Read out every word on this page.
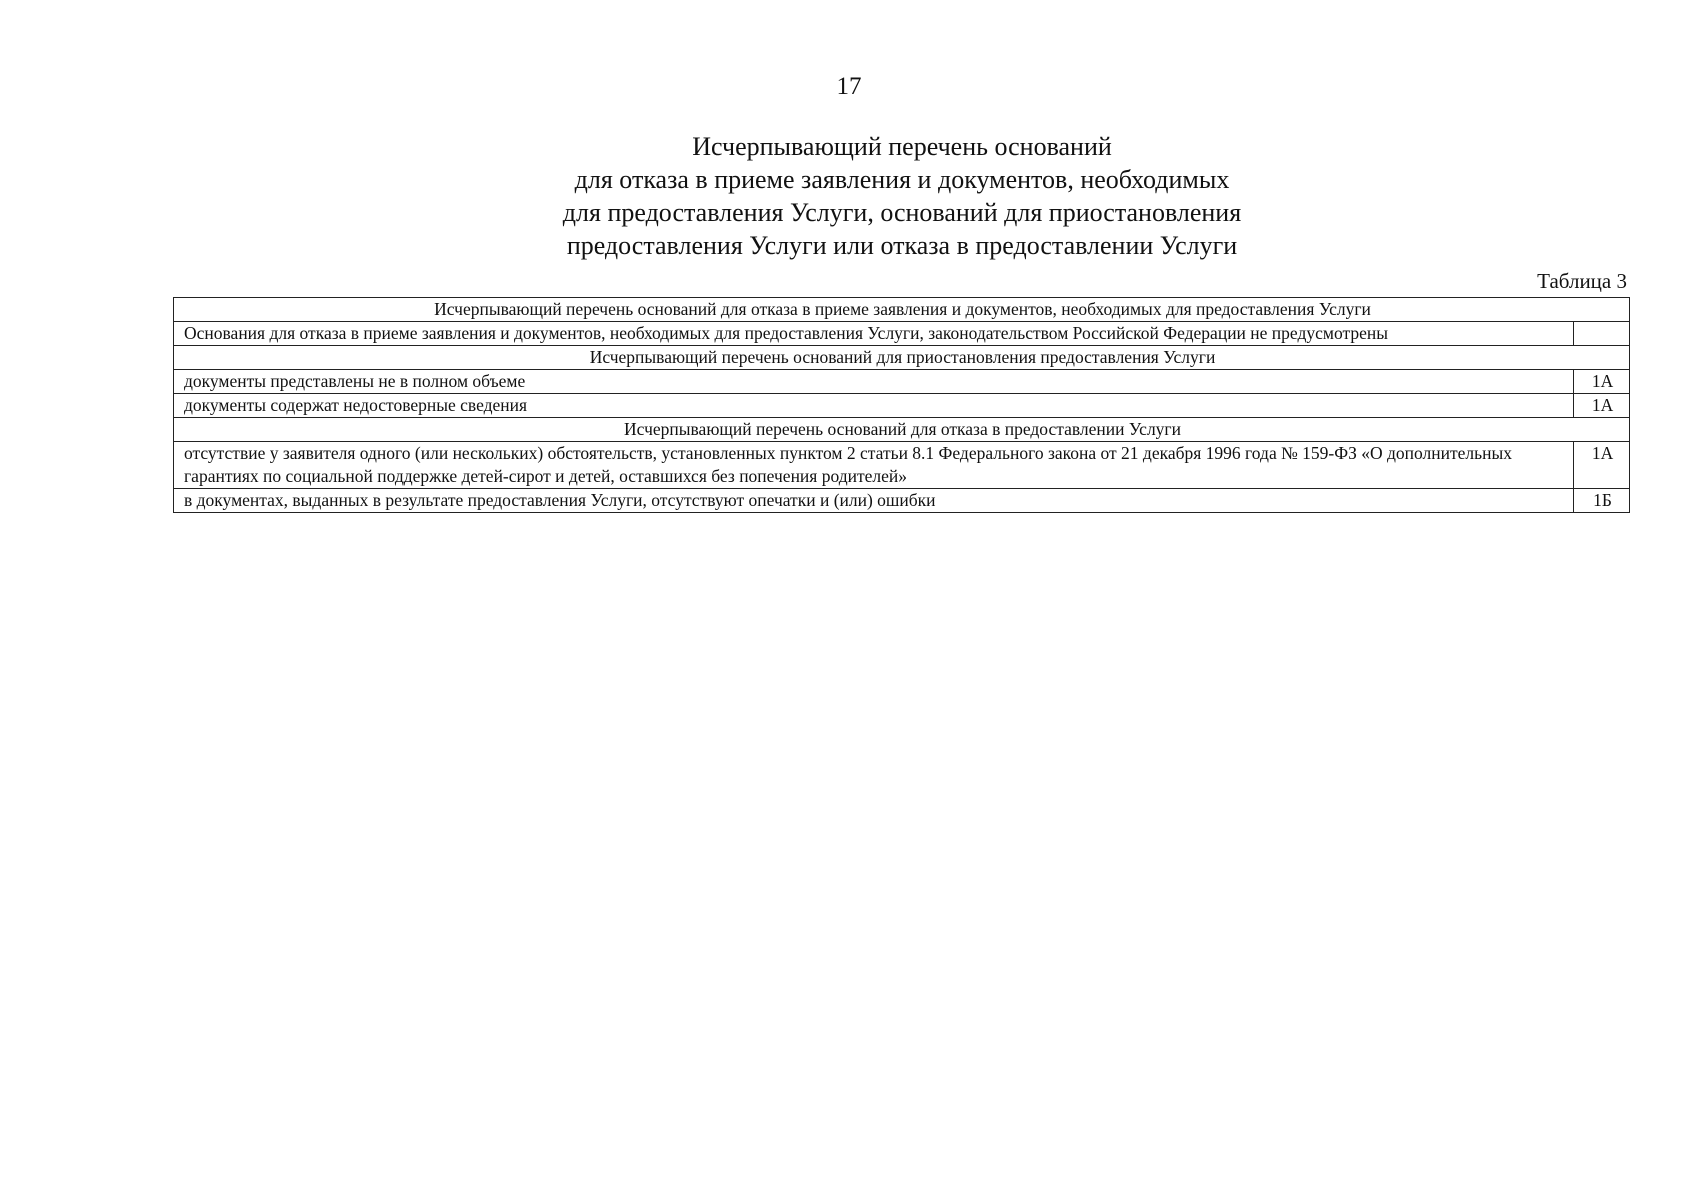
17
Исчерпывающий перечень оснований
для отказа в приеме заявления и документов, необходимых
для предоставления Услуги, оснований для приостановления
предоставления Услуги или отказа в предоставлении Услуги
Таблица 3
Исчерпывающий перечень оснований для отказа в приеме заявления и документов, необходимых для предоставления Услуги	
Основания для отказа в приеме заявления и документов, необходимых для предоставления Услуги, законодательством Российской Федерации не предусмотрены	
Исчерпывающий перечень оснований для приостановления предоставления Услуги	
документы представлены не в полном объеме	1А
документы содержат недостоверные сведения	1А
Исчерпывающий перечень оснований для отказа в предоставлении Услуги	
отсутствие у заявителя одного (или нескольких) обстоятельств, установленных пунктом 2 статьи 8.1 Федерального закона от 21 декабря 1996 года № 159-ФЗ «О дополнительных гарантиях по социальной поддержке детей-сирот и детей, оставшихся без попечения родителей»	1А
в документах, выданных в результате предоставления Услуги, отсутствуют опечатки и (или) ошибки	1Б
